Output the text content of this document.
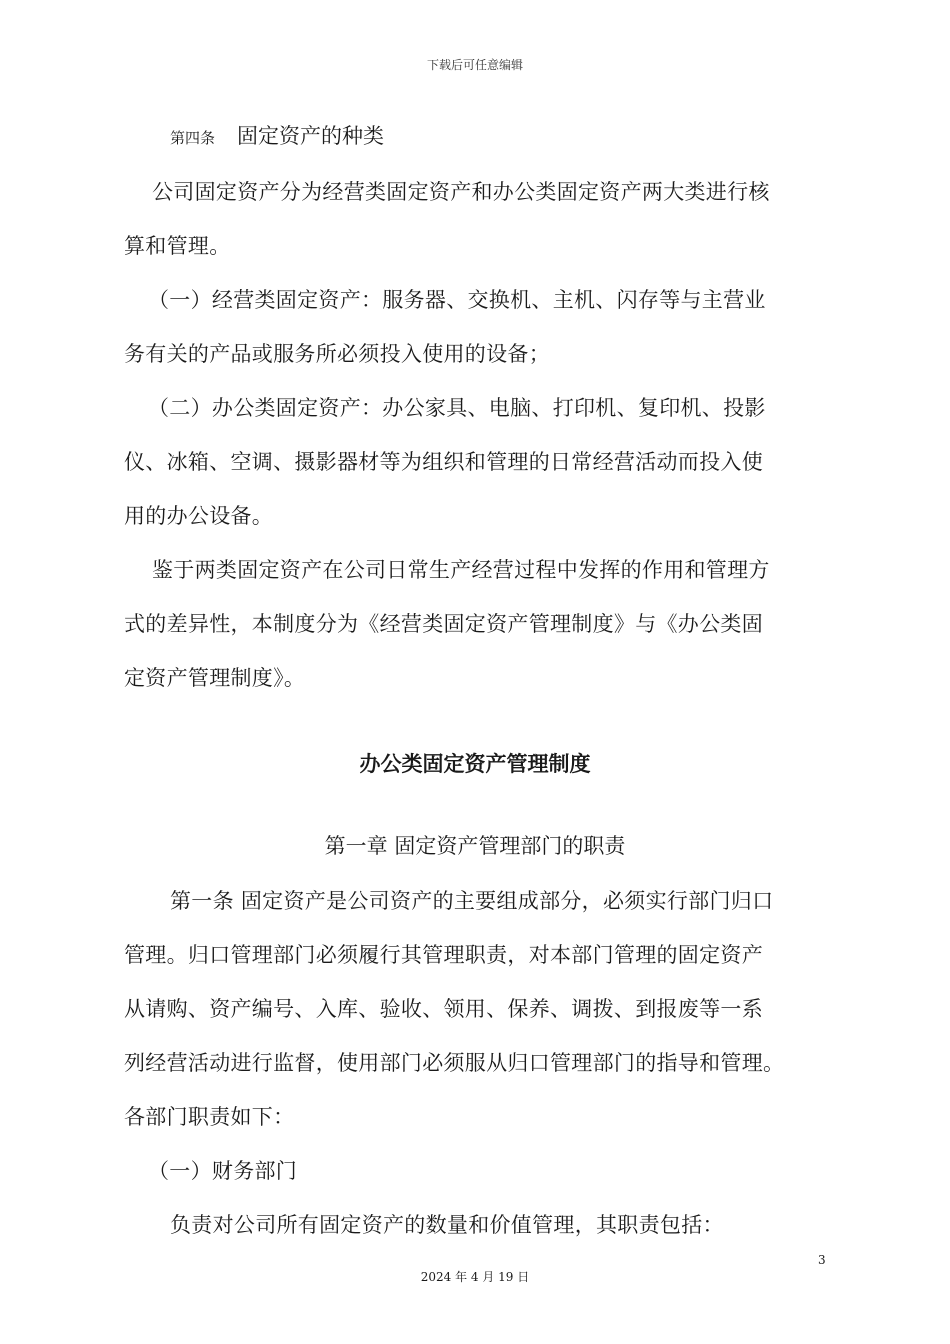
下载后可任意编辑
第四条 固定资产的种类

公司固定资产分为经营类固定资产和办公类固定资产两大类进行核

算和管理。

（一）经营类固定资产：服务器、交换机、主机、闪存等与主营业

务有关的产品或服务所必须投入使用的设备；

（二）办公类固定资产：办公家具、电脑、打印机、复印机、投影

仪、冰箱、空调、摄影器材等为组织和管理的日常经营活动而投入使

用的办公设备。

鉴于两类固定资产在公司日常生产经营过程中发挥的作用和管理方

式的差异性，本制度分为《经营类固定资产管理制度》与《办公类固

定资产管理制度》。

办公类固定资产管理制度
第一章 固定资产管理部门的职责

第一条 固定资产是公司资产的主要组成部分，必须实行部门归口

管理。归口管理部门必须履行其管理职责，对本部门管理的固定资产

从请购、资产编号、入库、验收、领用、保养、调拨、到报废等一系

列经营活动进行监督，使用部门必须服从归口管理部门的指导和管理。

各部门职责如下：

（一）财务部门

负责对公司所有固定资产的数量和价值管理，其职责包括：

3
2024 年 4 月 19 日
